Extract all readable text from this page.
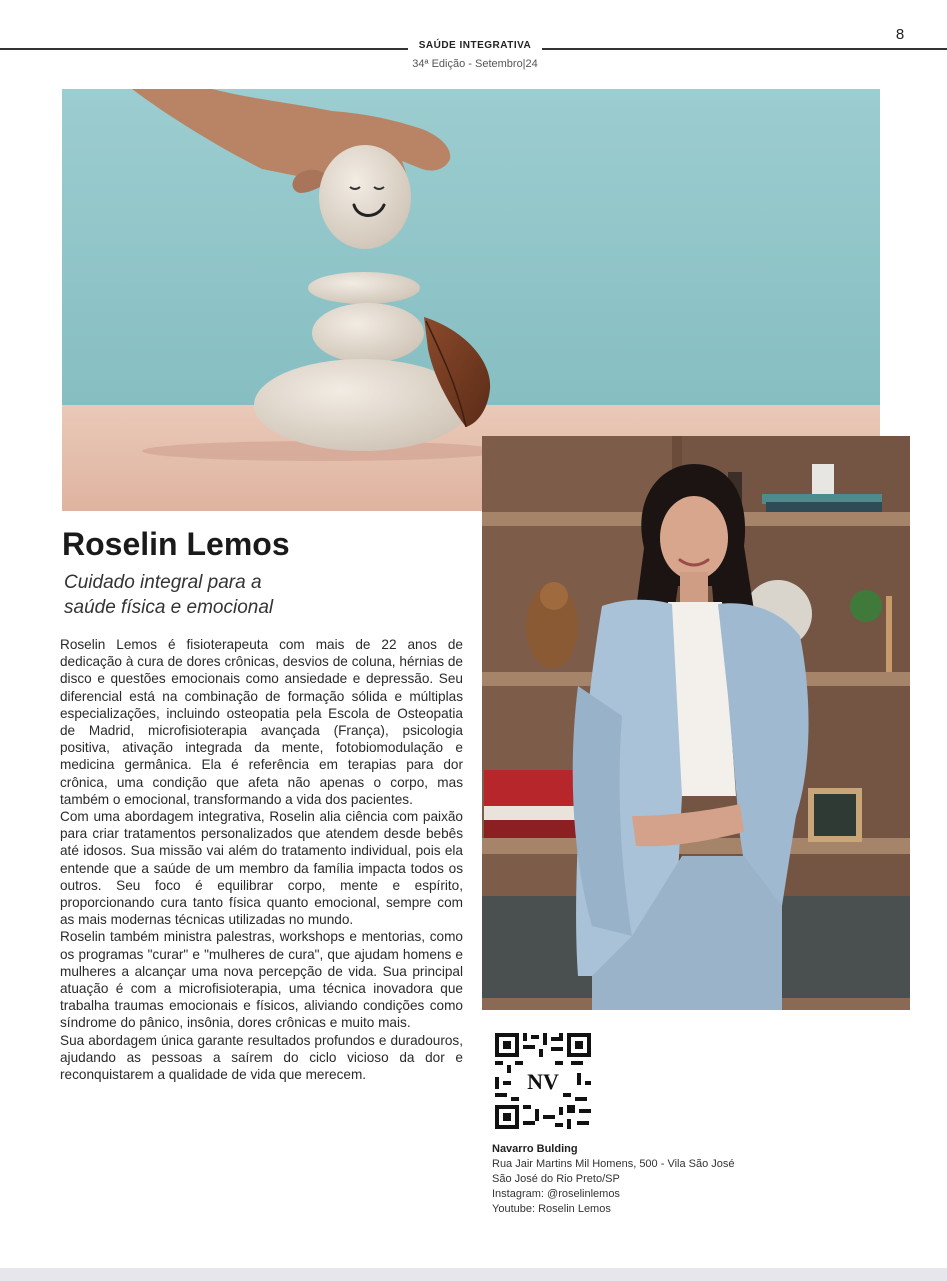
SAÚDE INTEGRATIVA
34ª Edição - Setembro|24
8
Roselin Lemos
Cuidado integral para a
saúde física e emocional

Roselin Lemos é fisioterapeuta com mais de 22 anos de dedicação à cura de dores crônicas, desvios de coluna, hérnias de disco e questões emocionais como ansiedade e depressão. Seu diferencial está na combinação de formação sólida e múltiplas especializações, incluindo osteopatia pela Escola de Osteopatia de Madrid, microfisioterapia avançada (França), psicologia positiva, ativação integrada da mente, fotobiomodulação e medicina germânica. Ela é referência em terapias para dor crônica, uma condição que afeta não apenas o corpo, mas também o emocional, transformando a vida dos pacientes.

Com uma abordagem integrativa, Roselin alia ciência com paixão para criar tratamentos personalizados que atendem desde bebês até idosos. Sua missão vai além do tratamento individual, pois ela entende que a saúde de um membro da família impacta todos os outros. Seu foco é equilibrar corpo, mente e espírito, proporcionando cura tanto física quanto emocional, sempre com as mais modernas técnicas utilizadas no mundo.

Roselin também ministra palestras, workshops e mentorias, como os programas "curar" e "mulheres de cura", que ajudam homens e mulheres a alcançar uma nova percepção de vida. Sua principal atuação é com a microfisioterapia, uma técnica inovadora que trabalha traumas emocionais e físicos, aliviando condições como síndrome do pânico, insônia, dores crônicas e muito mais.

Sua abordagem única garante resultados profundos e duradouros, ajudando as pessoas a saírem do ciclo vicioso da dor e reconquistarem a qualidade de vida que merecem.	NV
Navarro Bulding
Rua Jair Martins Mil Homens, 500 - Vila São José
São José do Rio Preto/SP
Instagram: @roselinlemos
Youtube: Roselin Lemos
